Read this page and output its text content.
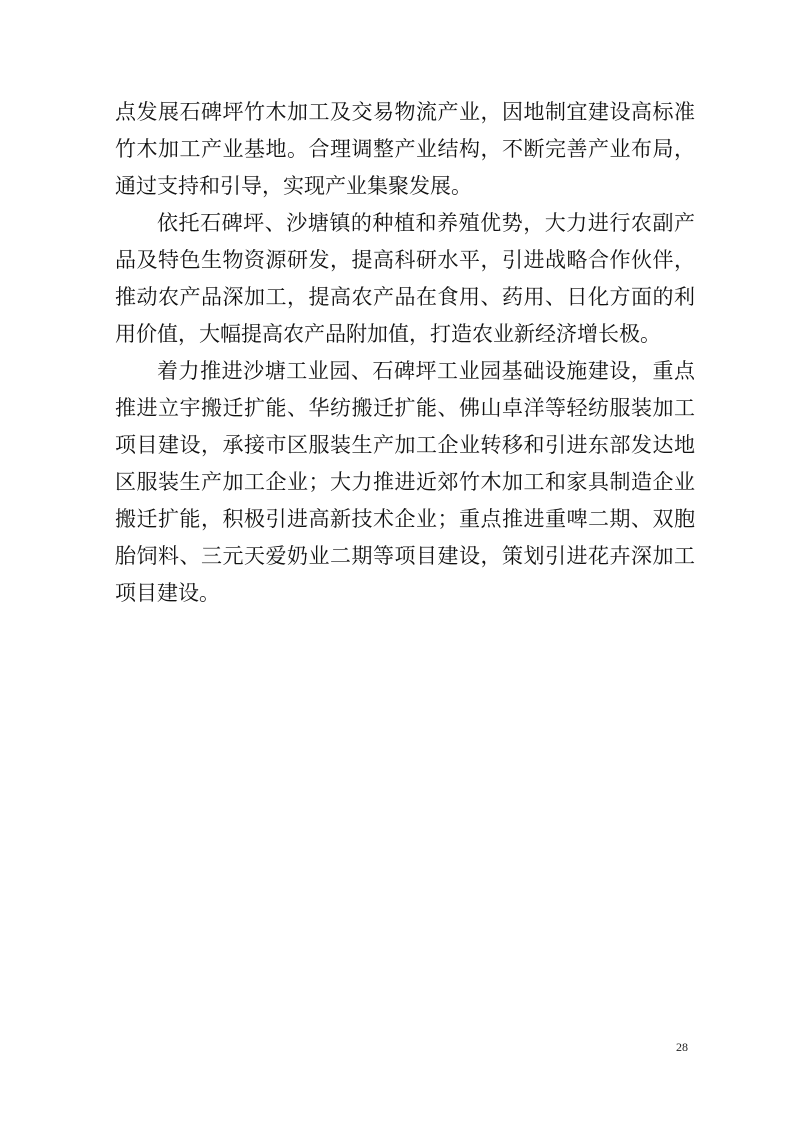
点发展石碑坪竹木加工及交易物流产业，因地制宜建设高标准
竹木加工产业基地。合理调整产业结构，不断完善产业布局，
通过支持和引导，实现产业集聚发展。
依托石碑坪、沙塘镇的种植和养殖优势，大力进行农副产
品及特色生物资源研发，提高科研水平，引进战略合作伙伴，
推动农产品深加工，提高农产品在食用、药用、日化方面的利
用价值，大幅提高农产品附加值，打造农业新经济增长极。
着力推进沙塘工业园、石碑坪工业园基础设施建设，重点
推进立宇搬迁扩能、华纺搬迁扩能、佛山卓洋等轻纺服装加工
项目建设，承接市区服装生产加工企业转移和引进东部发达地
区服装生产加工企业；大力推进近郊竹木加工和家具制造企业
搬迁扩能，积极引进高新技术企业；重点推进重啤二期、双胞
胎饲料、三元天爱奶业二期等项目建设，策划引进花卉深加工
项目建设。
28
